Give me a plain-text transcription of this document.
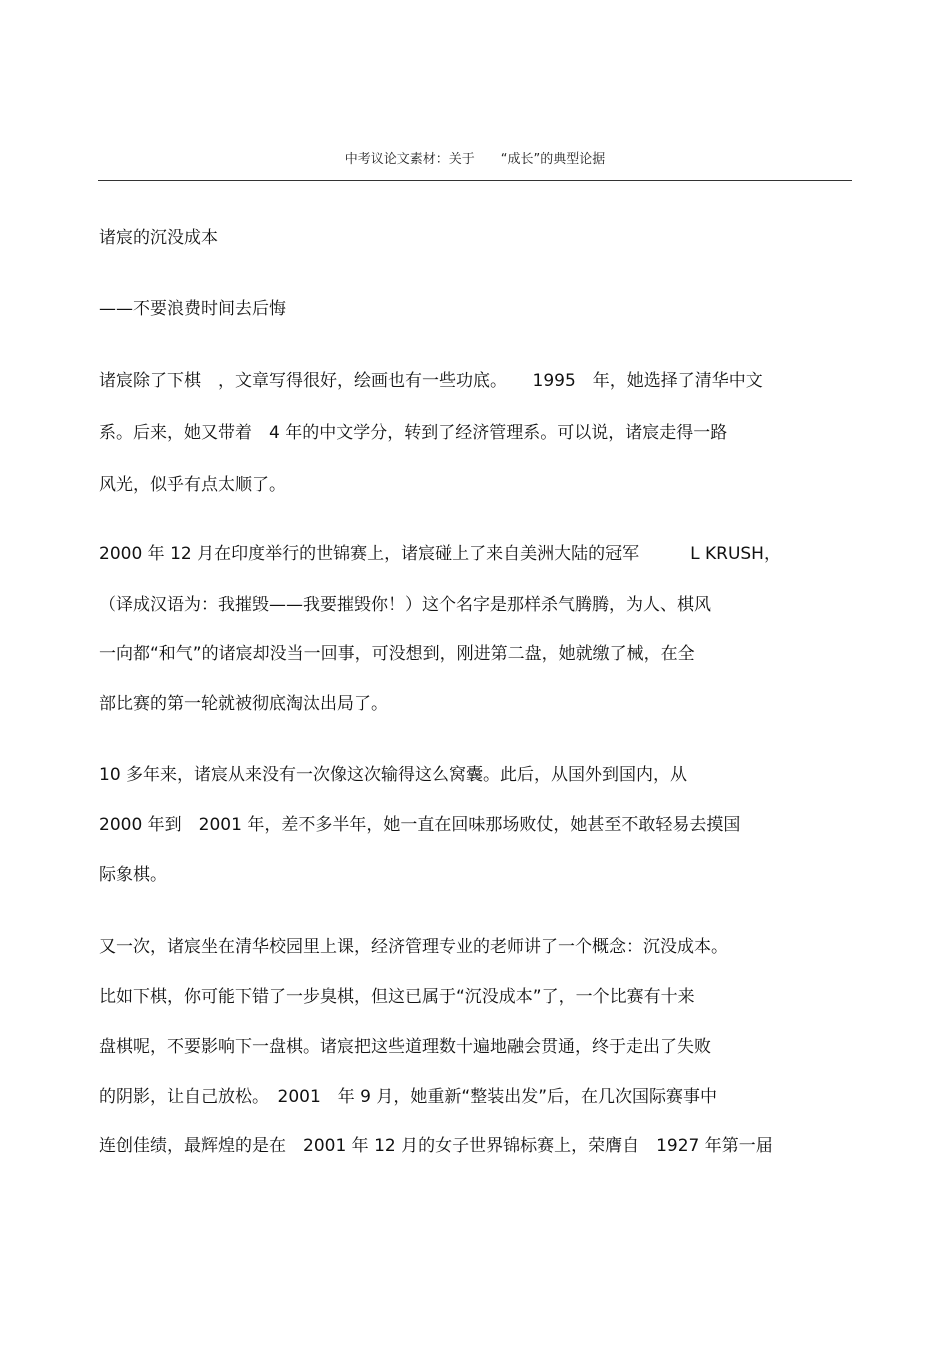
中考议论文素材：关于　　“成长”的典型论据
诸宸的沉没成本
——不要浪费时间去后悔
诸宸除了下棋　，文章写得很好，绘画也有一些功底。　　1995　年，她选择了清华中文
系。后来，她又带着　4 年的中文学分，转到了经济管理系。可以说，诸宸走得一路
风光，似乎有点太顺了。
2000 年 12 月在印度举行的世锦赛上，诸宸碰上了来自美洲大陆的冠军　　　L KRUSH，
（译成汉语为：我摧毁——我要摧毁你！）这个名字是那样杀气腾腾，为人、棋风
一向都“和气”的诸宸却没当一回事，可没想到，刚进第二盘，她就缴了械，在全
部比赛的第一轮就被彻底淘汰出局了。
10 多年来，诸宸从来没有一次像这次输得这么窝囊。此后，从国外到国内，从
2000 年到　2001 年，差不多半年，她一直在回味那场败仗，她甚至不敢轻易去摸国
际象棋。
又一次，诸宸坐在清华校园里上课，经济管理专业的老师讲了一个概念：沉没成本。
比如下棋，你可能下错了一步臭棋，但这已属于“沉没成本”了，一个比赛有十来
盘棋呢，不要影响下一盘棋。诸宸把这些道理数十遍地融会贯通，终于走出了失败
的阴影，让自己放松。　2001　年 9 月，她重新“整装出发”后，在几次国际赛事中
连创佳绩，最辉煌的是在　2001 年 12 月的女子世界锦标赛上，荣膺自　1927 年第一届
